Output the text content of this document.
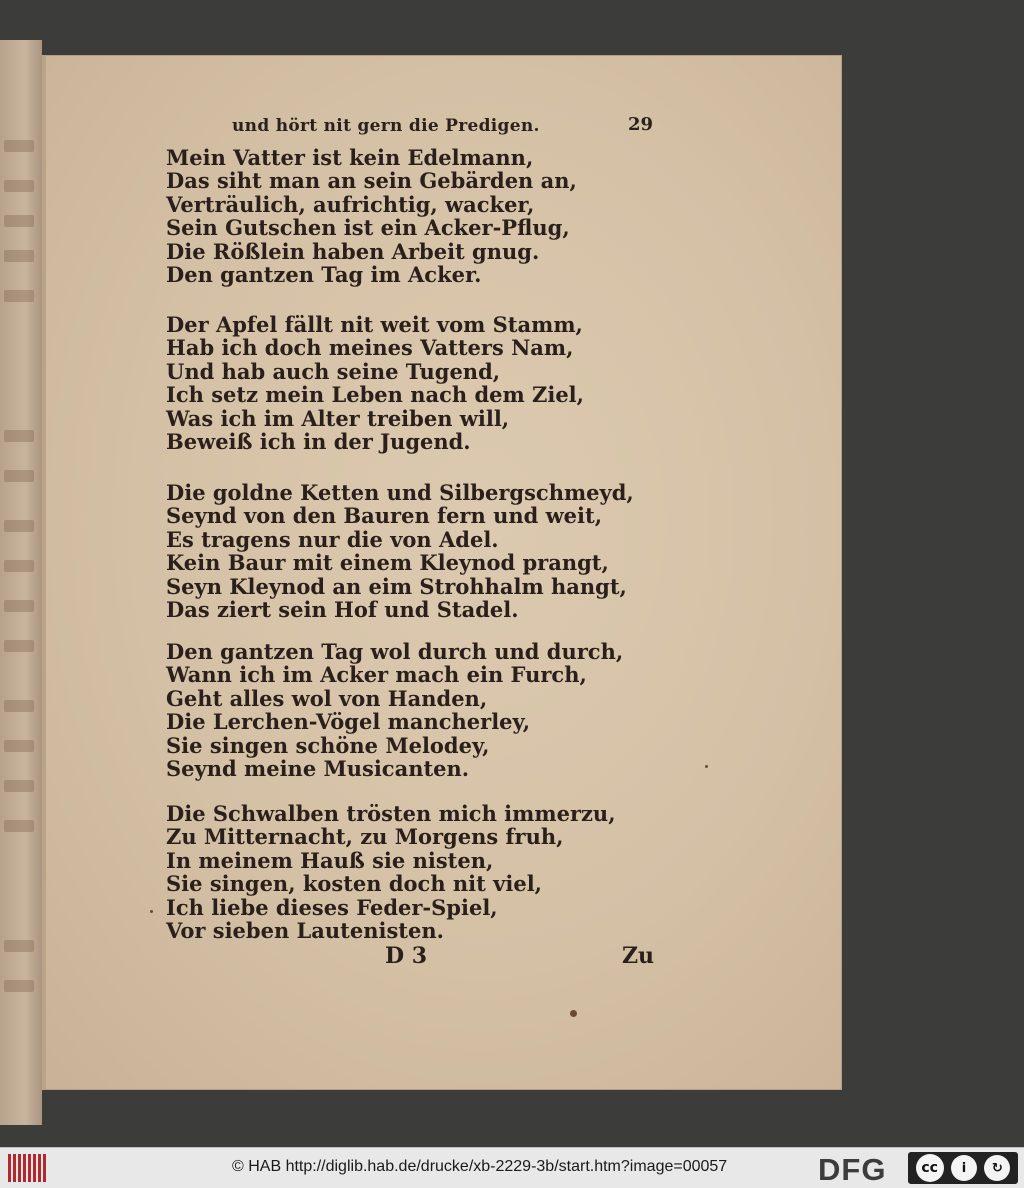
und hört nit gern die Predigen.	29
Mein Vatter ist kein Edelmann,
Das siht man an sein Gebärden an,
Verträulich, aufrichtig, wacker,
Sein Gutschen ist ein Acker-Pflug,
Die Rößlein haben Arbeit gnug.
Den gantzen Tag im Acker.
Der Apfel fällt nit weit vom Stamm,
Hab ich doch meines Vatters Nam,
Und hab auch seine Tugend,
Ich setz mein Leben nach dem Ziel,
Was ich im Alter treiben will,
Beweiß ich in der Jugend.
Die goldne Ketten und Silbergschmeyd,
Seynd von den Bauren fern und weit,
Es tragens nur die von Adel.
Kein Baur mit einem Kleynod prangt,
Seyn Kleynod an eim Strohhalm hangt,
Das ziert sein Hof und Stadel.
Den gantzen Tag wol durch und durch,
Wann ich im Acker mach ein Furch,
Geht alles wol von Handen,
Die Lerchen-Vögel mancherley,
Sie singen schöne Melodey,
Seynd meine Musicanten.
Die Schwalben trösten mich immerzu,
Zu Mitternacht, zu Morgens fruh,
In meinem Hauß sie nisten,
Sie singen, kosten doch nit viel,
Ich liebe dieses Feder-Spiel,
Vor sieben Lautenisten.
D 3	Zu
© HAB http://diglib.hab.de/drucke/xb-2229-3b/start.htm?image=00057	DFG	cc	i	↻
